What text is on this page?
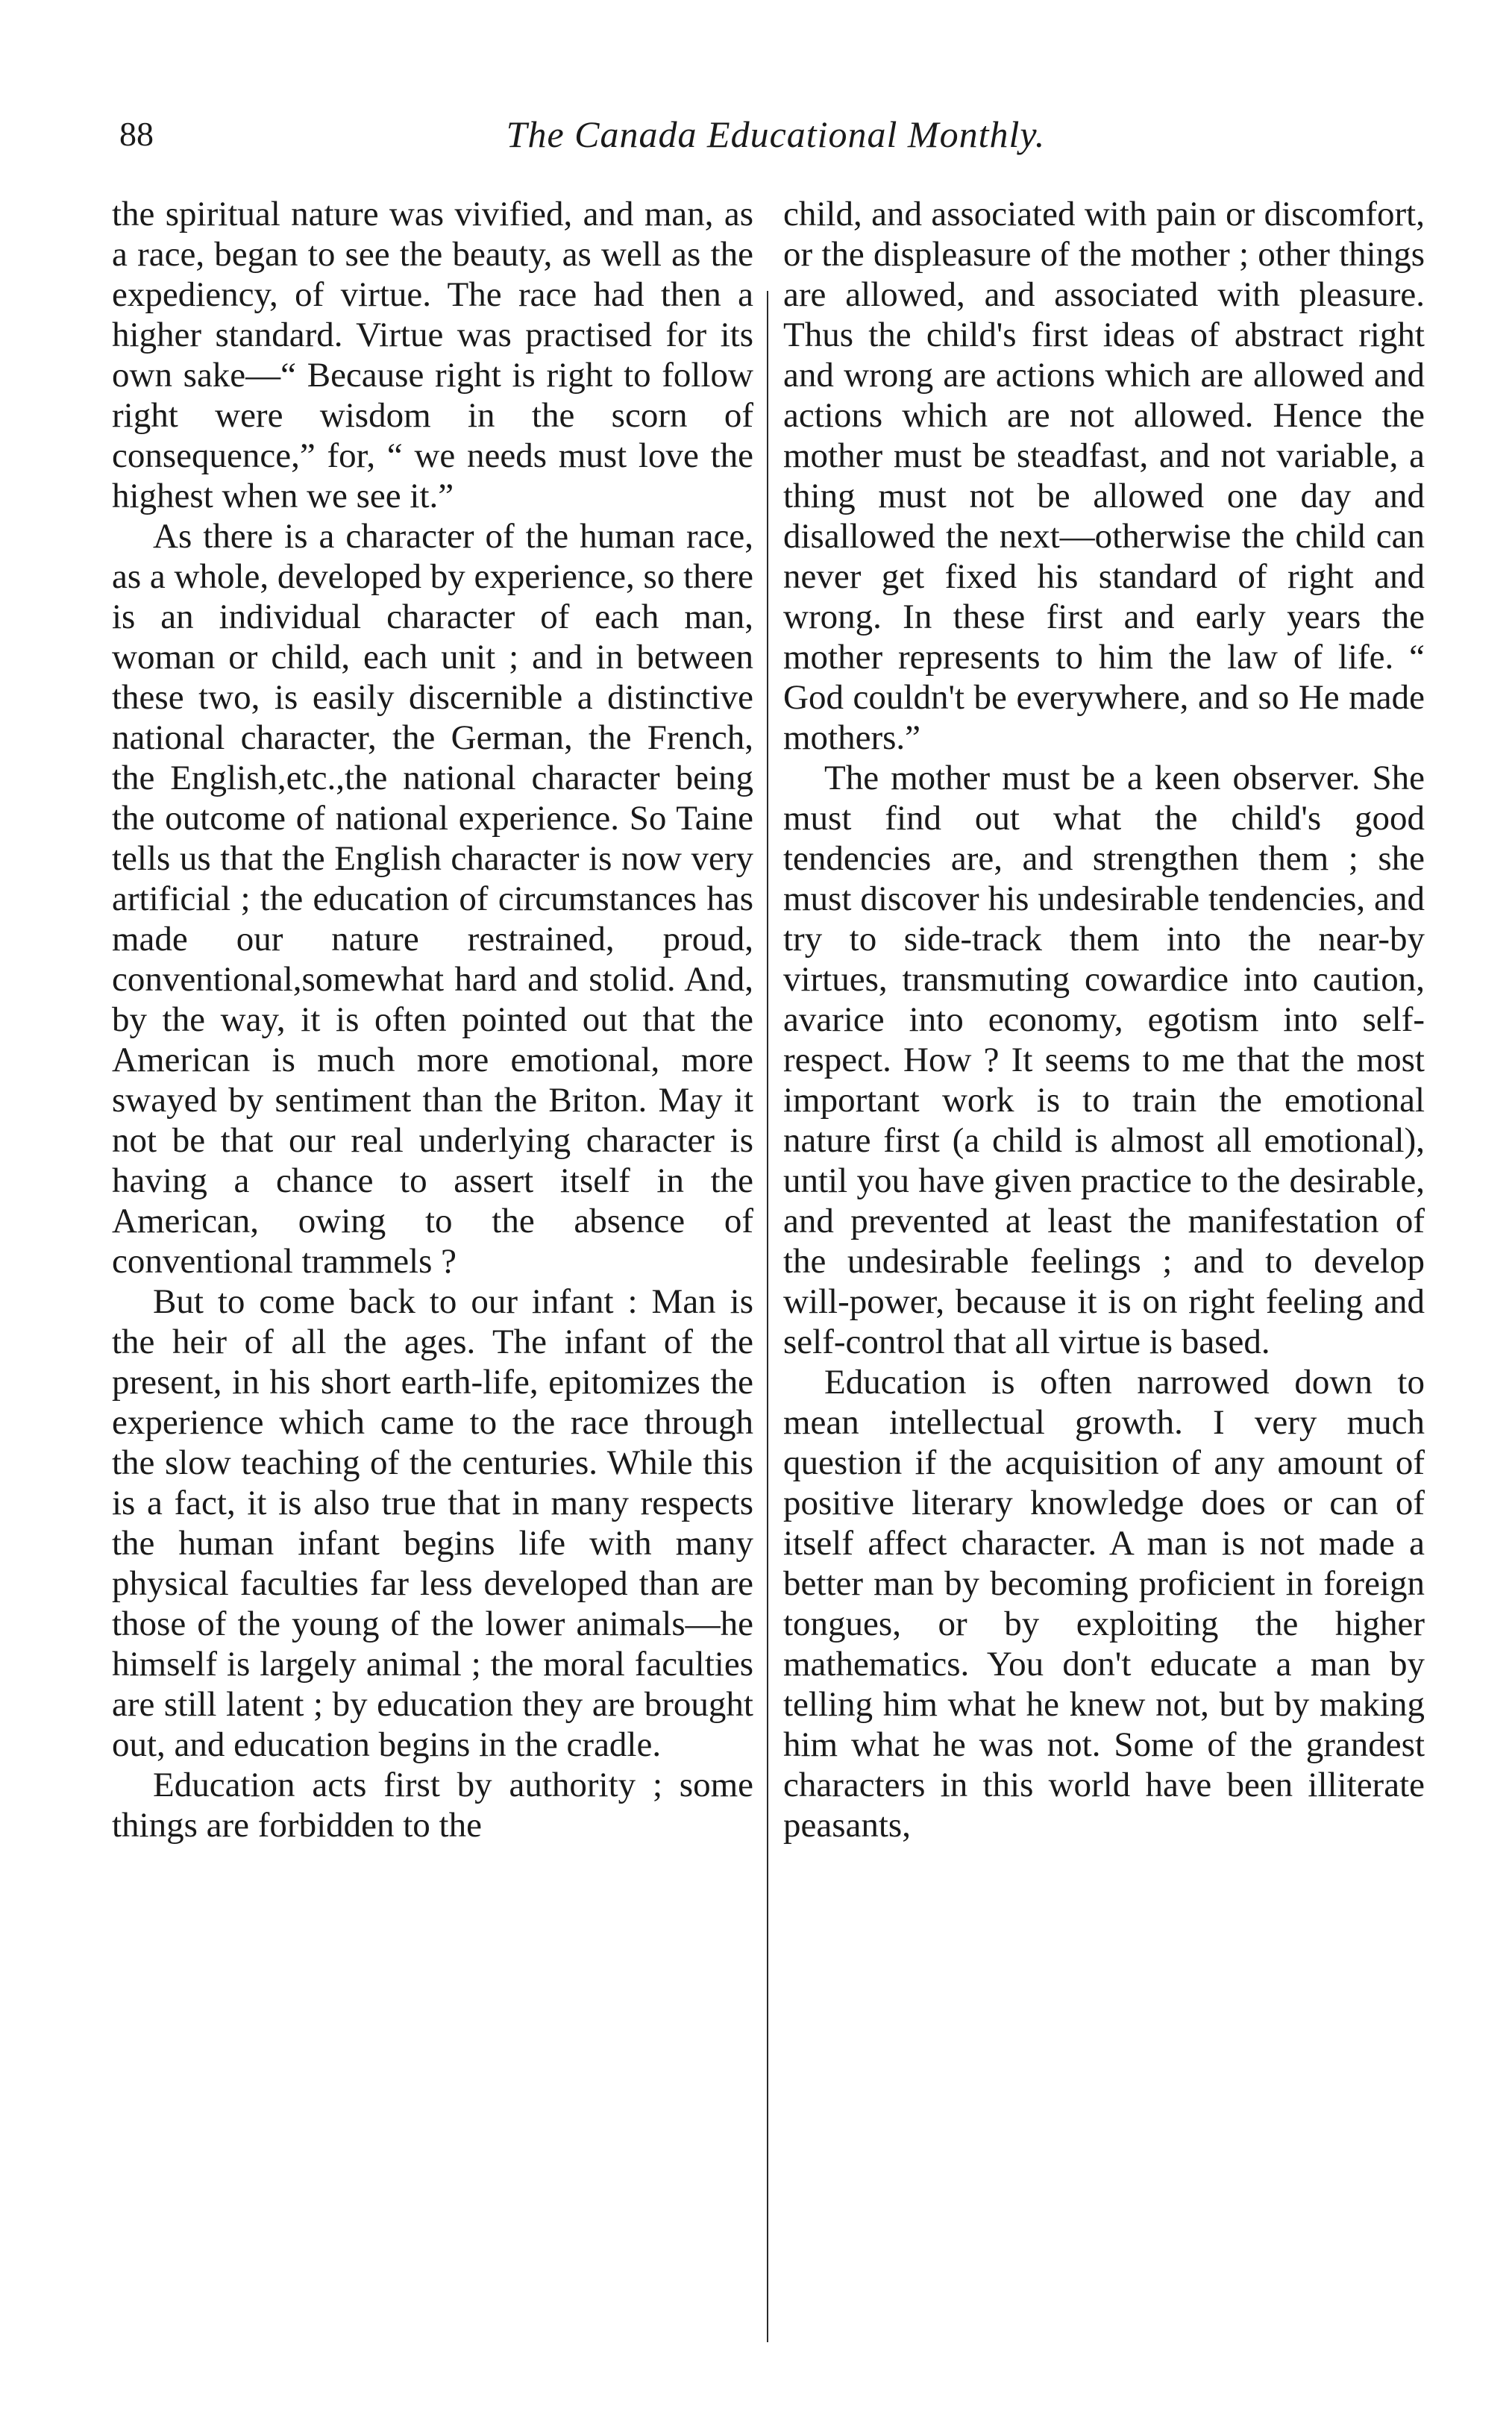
88	The Canada Educational Monthly.

the spiritual nature was vivified, and man, as a race, began to see the beauty, as well as the expediency, of virtue. The race had then a higher standard. Virtue was practised for its own sake—“ Because right is right to follow right were wisdom in the scorn of consequence,” for, “ we needs must love the highest when we see it.”

As there is a character of the human race, as a whole, developed by experience, so there is an individual character of each man, woman or child, each unit ; and in between these two, is easily discernible a distinctive national character, the German, the French, the English,etc.,the national character being the outcome of national experience. So Taine tells us that the English character is now very artificial ; the education of circumstances has made our nature restrained, proud, conventional,somewhat hard and stolid. And, by the way, it is often pointed out that the American is much more emotional, more swayed by sentiment than the Briton. May it not be that our real underlying character is having a chance to assert itself in the American, owing to the absence of conventional trammels ?

But to come back to our infant : Man is the heir of all the ages. The infant of the present, in his short earth-life, epitomizes the experience which came to the race through the slow teaching of the centuries. While this is a fact, it is also true that in many respects the human infant begins life with many physical faculties far less developed than are those of the young of the lower animals—he himself is largely animal ; the moral faculties are still latent ; by education they are brought out, and education begins in the cradle.

Education acts first by authority ; some things are forbidden to the

child, and associated with pain or discomfort, or the displeasure of the mother ; other things are allowed, and associated with pleasure. Thus the child's first ideas of abstract right and wrong are actions which are allowed and actions which are not allowed. Hence the mother must be steadfast, and not variable, a thing must not be allowed one day and disallowed the next—otherwise the child can never get fixed his standard of right and wrong. In these first and early years the mother represents to him the law of life. “ God couldn't be everywhere, and so He made mothers.”

The mother must be a keen observer. She must find out what the child's good tendencies are, and strengthen them ; she must discover his undesirable tendencies, and try to side-track them into the near-by virtues, transmuting cowardice into caution, avarice into economy, egotism into self-respect. How ? It seems to me that the most important work is to train the emotional nature first (a child is almost all emotional), until you have given practice to the desirable, and prevented at least the manifestation of the undesirable feelings ; and to develop will-power, because it is on right feeling and self-control that all virtue is based.

Education is often narrowed down to mean intellectual growth. I very much question if the acquisition of any amount of positive literary knowledge does or can of itself affect character. A man is not made a better man by becoming proficient in foreign tongues, or by exploiting the higher mathematics. You don't educate a man by telling him what he knew not, but by making him what he was not. Some of the grandest characters in this world have been illiterate peasants,
